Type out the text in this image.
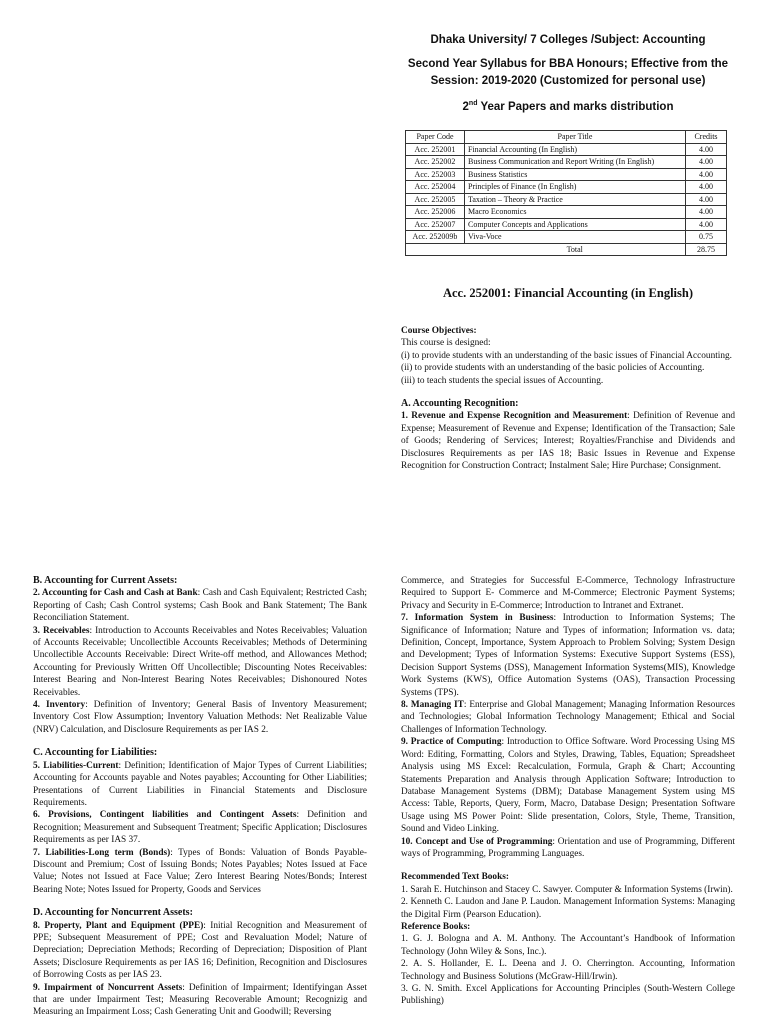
Dhaka University/ 7 Colleges /Subject: Accounting
Second Year Syllabus for BBA Honours; Effective from the
Session: 2019-2020 (Customized for personal use)
2nd Year Papers and marks distribution
Paper Code	Paper Title	Credits
Acc. 252001	Financial Accounting (In English)	4.00
Acc. 252002	Business Communication and Report Writing (In English)	4.00
Acc. 252003	Business Statistics	4.00
Acc. 252004	Principles of Finance (In English)	4.00
Acc. 252005	Taxation – Theory & Practice	4.00
Acc. 252006	Macro Economics	4.00
Acc. 252007	Computer Concepts and Applications	4.00
Acc. 252009b	Viva-Voce	0.75
	Total	28.75
Acc. 252001: Financial Accounting (in English)

Course Objectives:

This course is designed:

(i) to provide students with an understanding of the basic issues of Financial Accounting.

(ii) to provide students with an understanding of the basic policies of Accounting.

(iii) to teach students the special issues of Accounting.

A. Accounting Recognition:

1. Revenue and Expense Recognition and Measurement: Definition of Revenue and Expense; Measurement of Revenue and Expense; Identification of the Transaction; Sale of Goods; Rendering of Services; Interest; Royalties/Franchise and Dividends and Disclosures Requirements as per IAS 18; Basic Issues in Revenue and Expense Recognition for Construction Contract; Instalment Sale; Hire Purchase; Consignment.

B. Accounting for Current Assets:

2. Accounting for Cash and Cash at Bank: Cash and Cash Equivalent; Restricted Cash; Reporting of Cash; Cash Control systems; Cash Book and Bank Statement; The Bank Reconciliation Statement.

3. Receivables: Introduction to Accounts Receivables and Notes Receivables; Valuation of Accounts Receivable; Uncollectible Accounts Receivables; Methods of Determining Uncollectible Accounts Receivable: Direct Write-off method, and Allowances Method; Accounting for Previously Written Off Uncollectible; Discounting Notes Receivables: Interest Bearing and Non-Interest Bearing Notes Receivables; Dishonoured Notes Receivables.

4. Inventory: Definition of Inventory; General Basis of Inventory Measurement; Inventory Cost Flow Assumption; Inventory Valuation Methods: Net Realizable Value (NRV) Calculation, and Disclosure Requirements as per IAS 2.

C. Accounting for Liabilities:

5. Liabilities-Current: Definition; Identification of Major Types of Current Liabilities; Accounting for Accounts payable and Notes payables; Accounting for Other Liabilities; Presentations of Current Liabilities in Financial Statements and Disclosure Requirements.

6. Provisions, Contingent liabilities and Contingent Assets: Definition and Recognition; Measurement and Subsequent Treatment; Specific Application; Disclosures Requirements as per IAS 37.

7. Liabilities-Long term (Bonds): Types of Bonds: Valuation of Bonds Payable-Discount and Premium; Cost of Issuing Bonds; Notes Payables; Notes Issued at Face Value; Notes not Issued at Face Value; Zero Interest Bearing Notes/Bonds; Interest Bearing Note; Notes Issued for Property, Goods and Services

D. Accounting for Noncurrent Assets:

8. Property, Plant and Equipment (PPE): Initial Recognition and Measurement of PPE; Subsequent Measurement of PPE; Cost and Revaluation Model; Nature of Depreciation; Depreciation Methods; Recording of Depreciation; Disposition of Plant Assets; Disclosure Requirements as per IAS 16; Definition, Recognition and Disclosures of Borrowing Costs as per IAS 23.

9. Impairment of Noncurrent Assets: Definition of Impairment; Identifyingan Asset that are under Impairment Test; Measuring Recoverable Amount; Recognizig and Measuring an Impairment Loss; Cash Generating Unit and Goodwill; Reversing

Commerce, and Strategies for Successful E-Commerce, Technology Infrastructure Required to Support E- Commerce and M-Commerce; Electronic Payment Systems; Privacy and Security in E-Commerce; Introduction to Intranet and Extranet.

7. Information System in Business: Introduction to Information Systems; The Significance of Information; Nature and Types of information; Information vs. data; Definition, Concept, Importance, System Approach to Problem Solving; System Design and Development; Types of Information Systems: Executive Support Systems (ESS), Decision Support Systems (DSS), Management Information Systems(MIS), Knowledge Work Systems (KWS), Office Automation Systems (OAS), Transaction Processing Systems (TPS).

8. Managing IT: Enterprise and Global Management; Managing Information Resources and Technologies; Global Information Technology Management; Ethical and Social Challenges of Information Technology.

9. Practice of Computing: Introduction to Office Software. Word Processing Using MS Word: Editing, Formatting, Colors and Styles, Drawing, Tables, Equation; Spreadsheet Analysis using MS Excel: Recalculation, Formula, Graph & Chart; Accounting Statements Preparation and Analysis through Application Software; Introduction to Database Management Systems (DBM); Database Management System using MS Access: Table, Reports, Query, Form, Macro, Database Design; Presentation Software Usage using MS Power Point: Slide presentation, Colors, Style, Theme, Transition, Sound and Video Linking.

10. Concept and Use of Programming: Orientation and use of Programming, Different ways of Programming, Programming Languages.

Recommended Text Books:

1. Sarah E. Hutchinson and Stacey C. Sawyer. Computer & Information Systems (Irwin).

2. Kenneth C. Laudon and Jane P. Laudon. Management Information Systems: Managing the Digital Firm (Pearson Education).

Reference Books:

1. G. J. Bologna and A. M. Anthony. The Accountant’s Handbook of Information Technology (John Wiley & Sons, Inc.).

2. A. S. Hollander, E. L. Deena and J. O. Cherrington. Accounting, Information Technology and Business Solutions (McGraw-Hill/Irwin).

3. G. N. Smith. Excel Applications for Accounting Principles (South-Western College Publishing)
